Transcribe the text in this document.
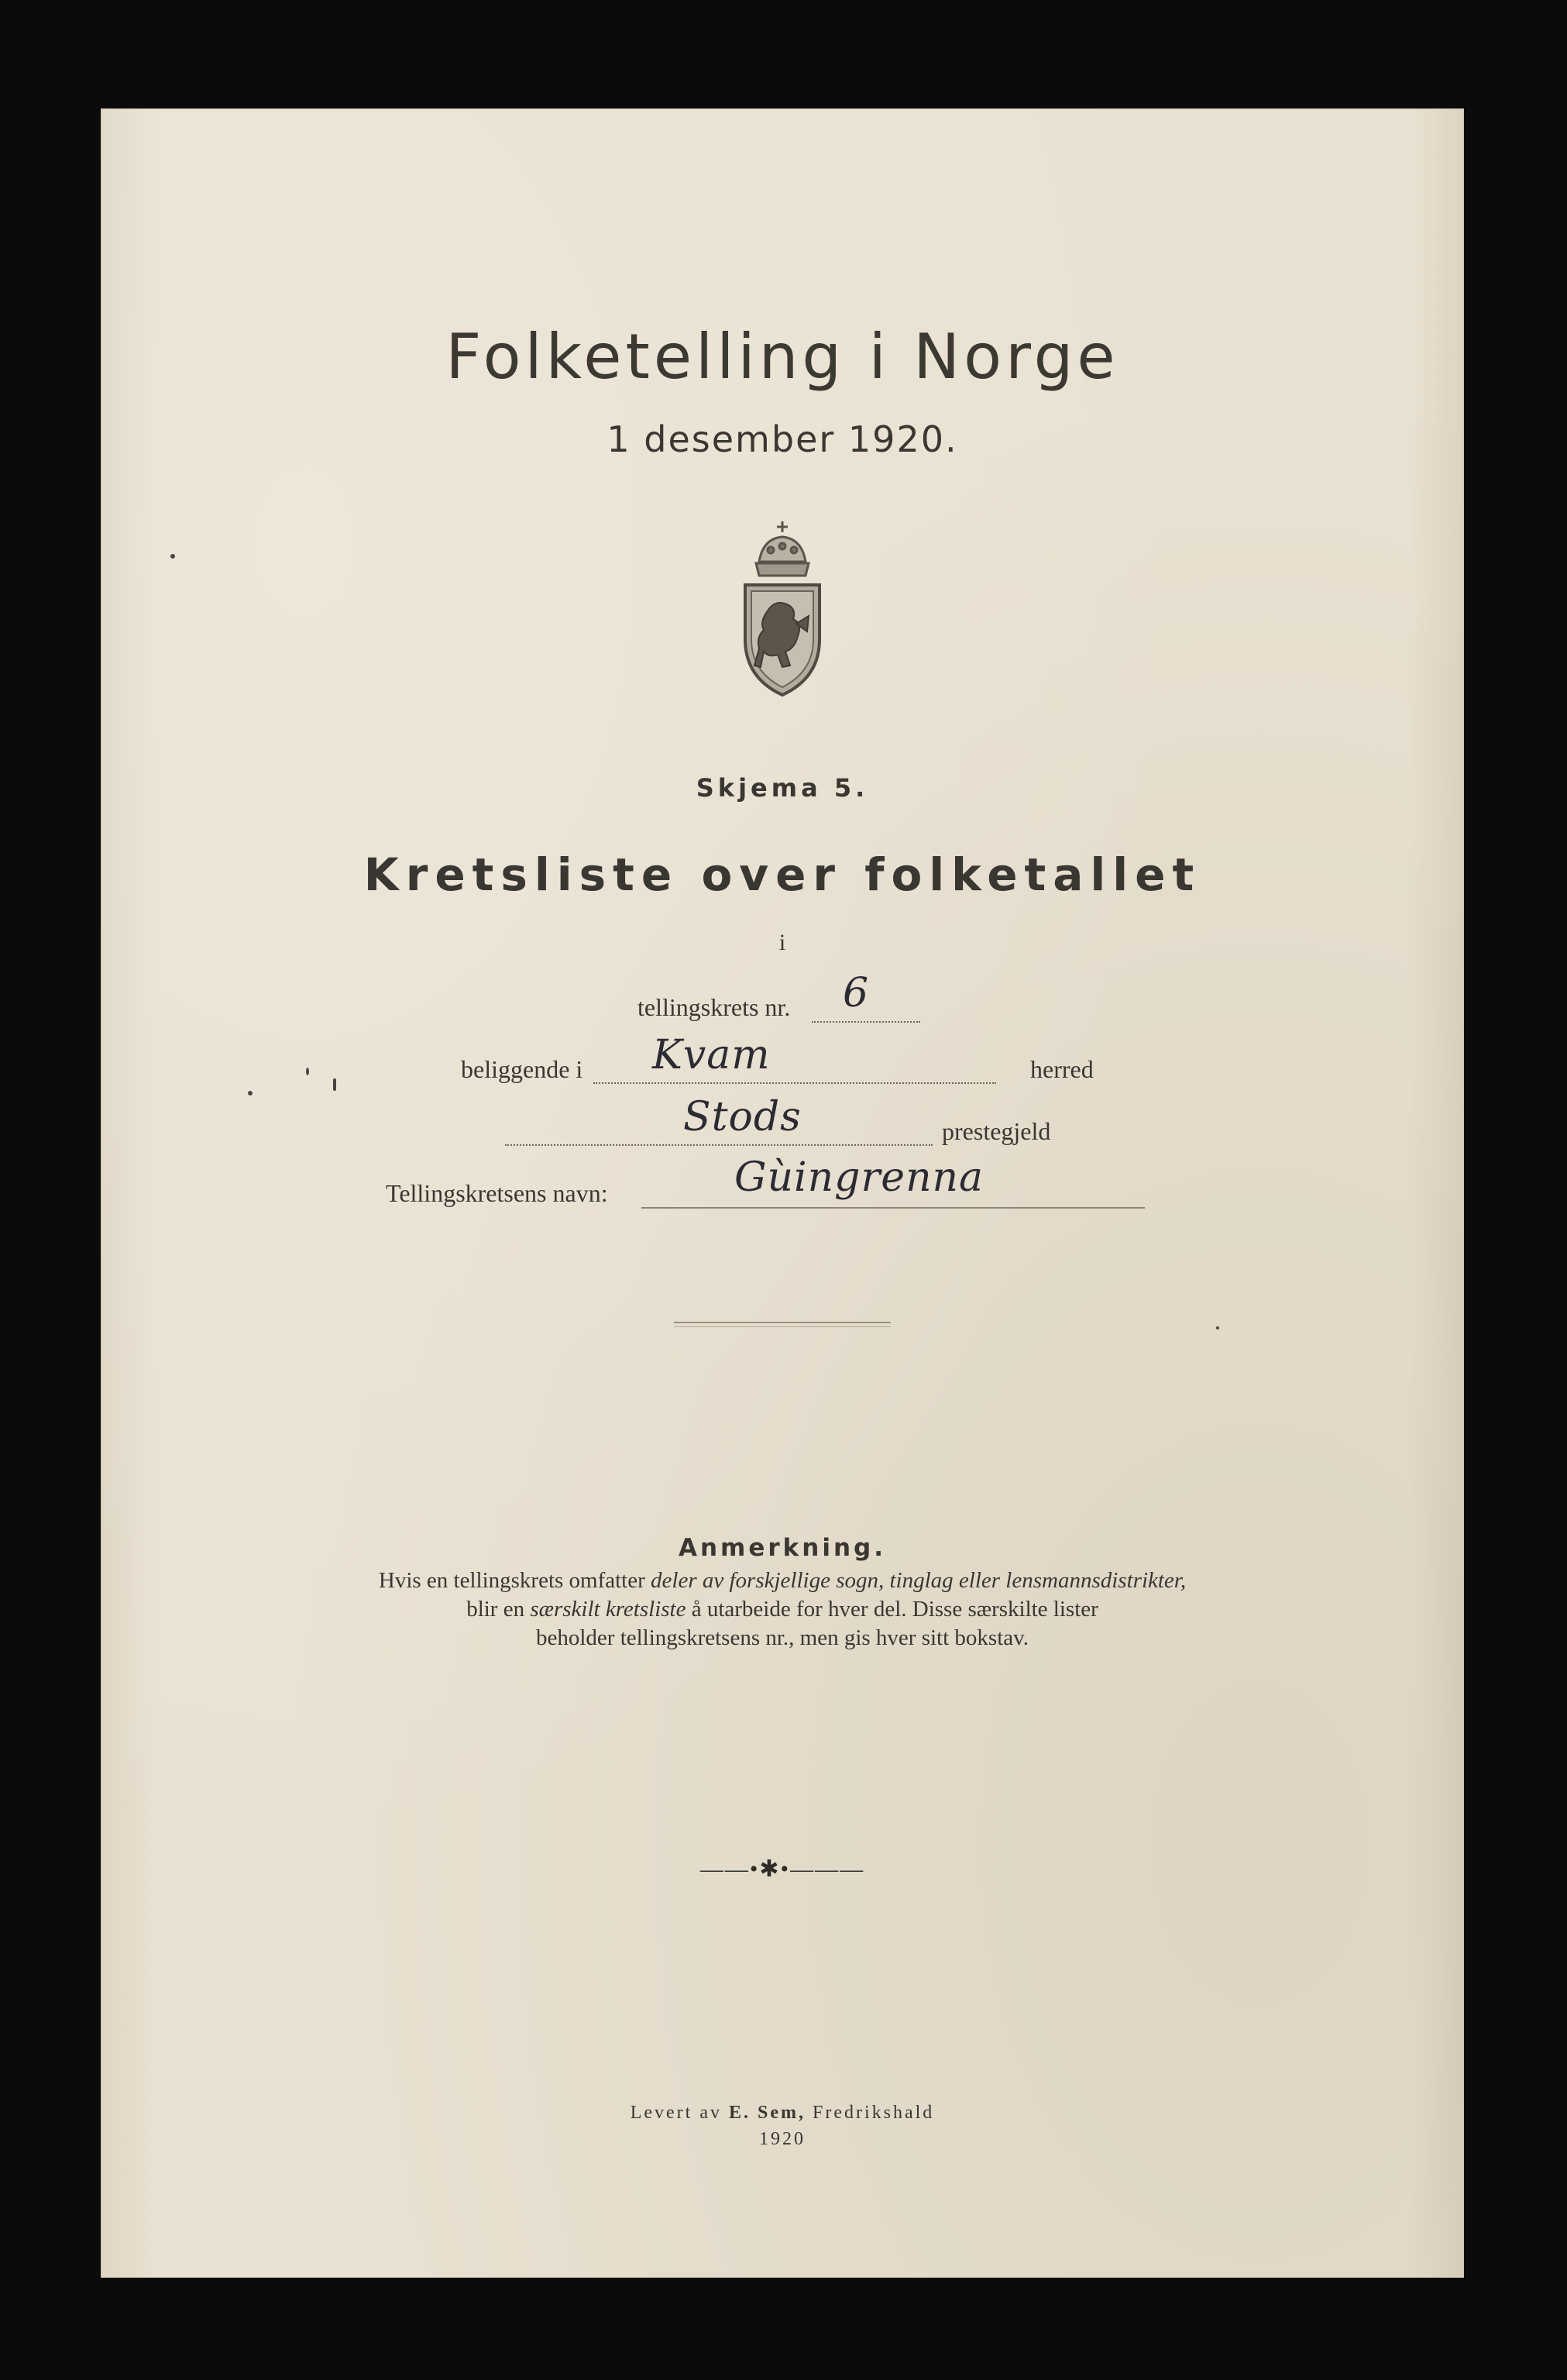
Folketelling i Norge
1 desember 1920.
Skjema 5.
Kretsliste over folketallet
i
tellingskrets nr. 6
beliggende i Kvam	herred
Stods	prestegjeld
Tellingskretsens navn:	Gùingrenna
Anmerkning.
Hvis en tellingskrets omfatter deler av forskjellige sogn, tinglag eller lensmannsdistrikter,
blir en særskilt kretsliste å utarbeide for hver del. Disse særskilte lister
beholder tellingskretsens nr., men gis hver sitt bokstav.
——•✱•———
Levert av E. Sem, Fredrikshald
1920
